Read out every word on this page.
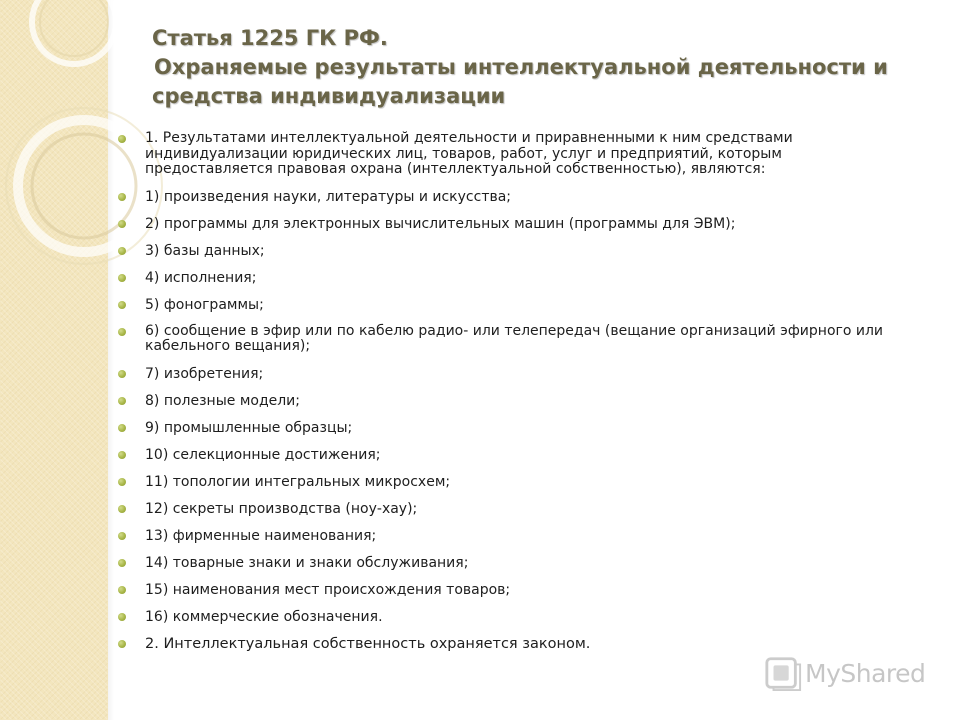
Статья 1225 ГК РФ.
Охраняемые результаты интеллектуальной деятельности и
средства индивидуализации
1. Результатами интеллектуальной деятельности и приравненными к ним средствами индивидуализации юридических лиц, товаров, работ, услуг и предприятий, которым предоставляется правовая охрана (интеллектуальной собственностью), являются:
1) произведения науки, литературы и искусства;
2) программы для электронных вычислительных машин (программы для ЭВМ);
3) базы данных;
4) исполнения;
5) фонограммы;
6) сообщение в эфир или по кабелю радио- или телепередач (вещание организаций эфирного или кабельного вещания);
7) изобретения;
8) полезные модели;
9) промышленные образцы;
10) селекционные достижения;
11) топологии интегральных микросхем;
12) секреты производства (ноу-хау);
13) фирменные наименования;
14) товарные знаки и знаки обслуживания;
15) наименования мест происхождения товаров;
16) коммерческие обозначения.
2. Интеллектуальная собственность охраняется законом.
MyShared
